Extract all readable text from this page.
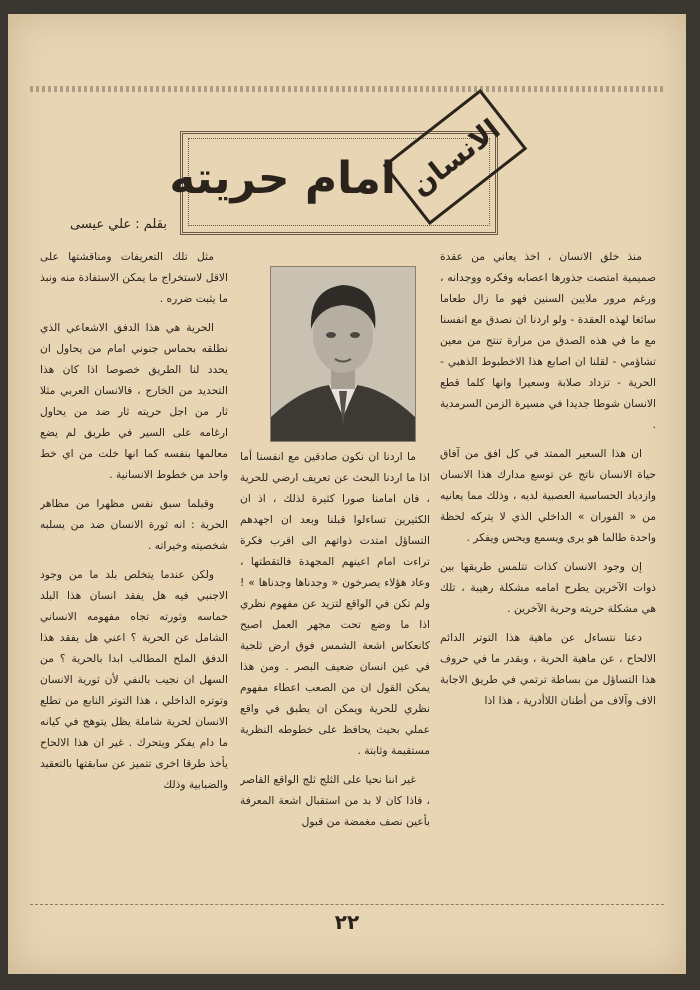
امام حريته الانسان
بقلم : علي عيسى

منذ خلق الانسان ، اخذ يعاني من عقدة صميمية امتصت جذورها اعصابه وفكره ووجدانه ، ورغم مرور ملايين السنين فهو ما زال طعاما سائغا لهذه العقدة - ولو اردنا ان نصدق مع انفسنا مع ما في هذه الصدق من مرارة تنتج من معين تشاؤمي - لقلنا ان اصابع هذا الاخطبوط الذهبي - الحرية - تزداد صلابة وسعيرا وانها كلما قطع الانسان شوطا جديدا في مسيرة الزمن السرمدية .

ان هذا السعير الممتد في كل افق من آفاق حياة الانسان ناتج عن توسع مدارك هذا الانسان وازدياد الحساسية العصبية لديه ، وذلك مما يعانيه من « الفوران » الداخلي الذي لا يتركه لحظة واحدة طالما هو يرى ويسمع ويحس ويفكر .

إن وجود الانسان كذات تتلمس طريقها بين ذوات الآخرين يطرح امامه مشكلة رهيبة ، تلك هي مشكلة حريته وحرية الآخرين .

دعنا نتساءل عن ماهية هذا التوتر الدائم الالحاح ، عن ماهية الحرية ، وبقدر ما في حروف هذا التساؤل من بساطة ترتمي في طريق الاجابة الاف وآلاف من أطنان اللاأدرية ، هذا اذا

ما اردنا ان نكون صادقين مع انفسنا أما اذا ما اردنا البحث عن تعريف ارضي للحرية ، فان امامنا صورا كثيرة لذلك ، اذ ان الكثيرين تساءلوا قبلنا وبعد ان اجهدهم التساؤل امتدت ذواتهم الى اقرب فكرة تراءت امام اعينهم المجهدة فالتقطتها ، وعاد هؤلاء يصرخون « وجدناها وجدناها » ! ولم تكن في الواقع لتزيد عن مفهوم نظري اذا ما وضع تحت مجهر العمل اصبح كانعكاس اشعة الشمس فوق ارض ثلجية في عين انسان ضعيف البصر . ومن هذا يمكن القول ان من الصعب اعطاء مفهوم نظري للحرية ويمكن ان يطبق في واقع عملي بحيث يحافظ على خطوطه النظرية مستقيمة وثابتة .

غير اننا نحيا على الثلج ثلج الواقع القاصر ، فاذا كان لا بد من استقبال اشعة المعرفة بأعين نصف مغمضة من قبول

مثل تلك التعريفات ومناقشتها على الاقل لاستخراج ما يمكن الاستفادة منه ونبذ ما يثبت ضرره .

الحرية هي هذا الدفق الاشعاعي الذي نطلقه بحماس جنوني امام من يحاول ان يحدد لنا الطريق خصوصا اذا كان هذا التحديد من الخارج ، فالانسان العربي مثلا ثار من اجل حريته ثار ضد من يحاول ارغامه على السير في طريق لم يضع معالمها بنفسه كما انها خلت من اي خط واحد من خطوط الانسانية .

وقبلما سبق نفس مظهرا من مظاهر الحرية : انه ثورة الانسان ضد من يسلبه شخصيته وخيراته .

ولكن عندما يتخلص بلد ما من وجود الاجنبي فيه هل يفقد انسان هذا البلد حماسه وثورته تجاه مفهومه الانساني الشامل عن الحرية ؟ اعني هل يفقد هذا الدفق الملح المطالب ابدا بالحرية ؟ من السهل ان نجيب بالنفي لأن ثورية الانسان وتوتره الداخلي ، هذا التوتر النابع من تطلع الانسان لحرية شاملة يظل يتوهج في كيانه ما دام يفكر ويتحرك . غير ان هذا الالحاح يأخذ طرقا اخرى تتميز عن سابقتها بالتعقيد والضبابية وذلك

٢٢
